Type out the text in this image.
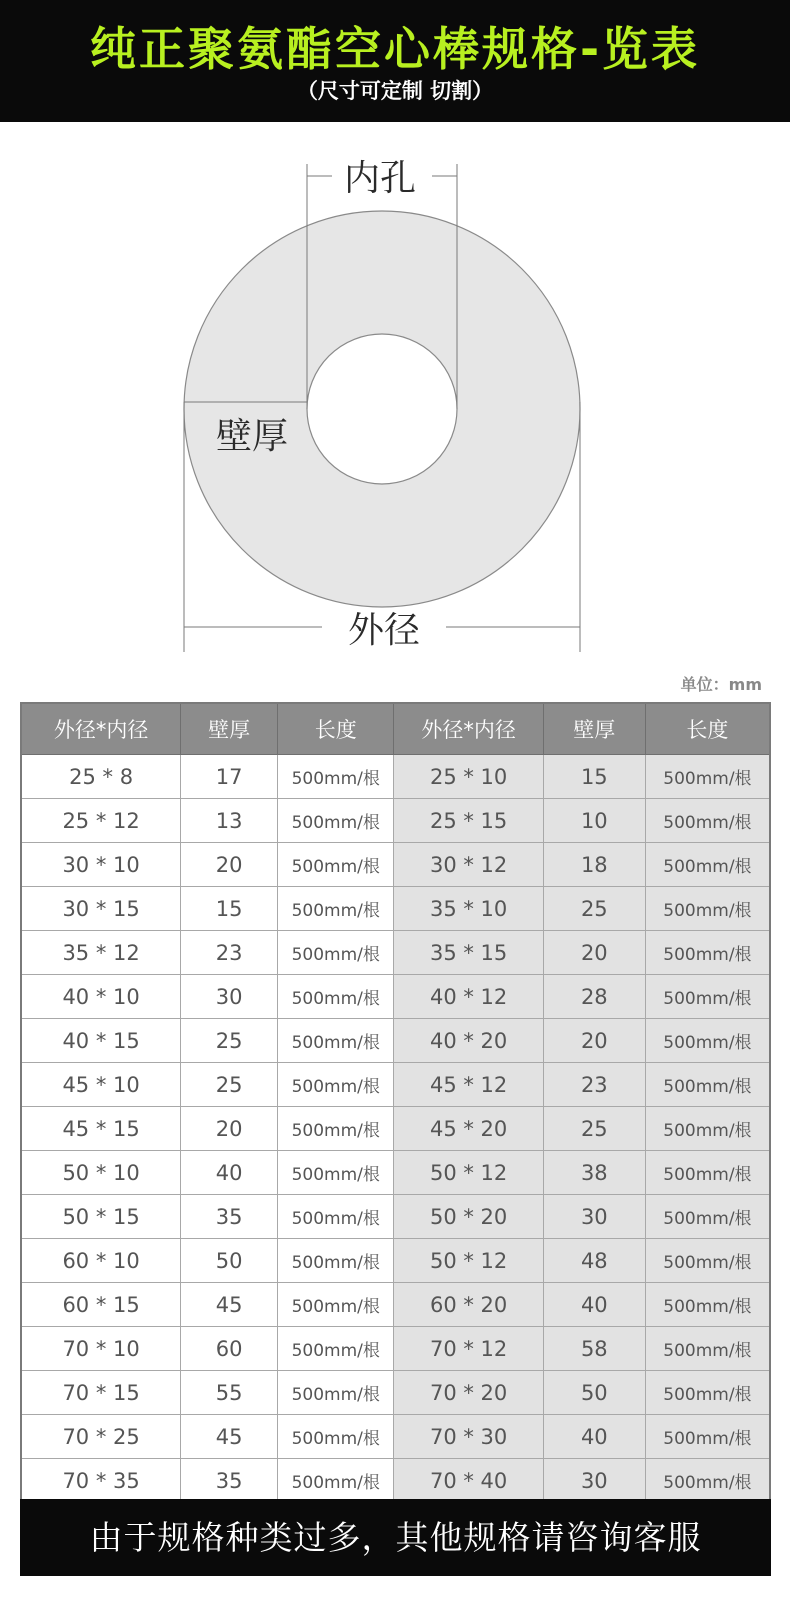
纯正聚氨酯空心棒规格-览表
（尺寸可定制 切割）
内孔
壁厚
外径
单位：mm
外径*内径	壁厚	长度	外径*内径	壁厚	长度
25 * 8	17	500mm/根	25 * 10	15	500mm/根
25 * 12	13	500mm/根	25 * 15	10	500mm/根
30 * 10	20	500mm/根	30 * 12	18	500mm/根
30 * 15	15	500mm/根	35 * 10	25	500mm/根
35 * 12	23	500mm/根	35 * 15	20	500mm/根
40 * 10	30	500mm/根	40 * 12	28	500mm/根
40 * 15	25	500mm/根	40 * 20	20	500mm/根
45 * 10	25	500mm/根	45 * 12	23	500mm/根
45 * 15	20	500mm/根	45 * 20	25	500mm/根
50 * 10	40	500mm/根	50 * 12	38	500mm/根
50 * 15	35	500mm/根	50 * 20	30	500mm/根
60 * 10	50	500mm/根	50 * 12	48	500mm/根
60 * 15	45	500mm/根	60 * 20	40	500mm/根
70 * 10	60	500mm/根	70 * 12	58	500mm/根
70 * 15	55	500mm/根	70 * 20	50	500mm/根
70 * 25	45	500mm/根	70 * 30	40	500mm/根
70 * 35	35	500mm/根	70 * 40	30	500mm/根
由于规格种类过多，其他规格请咨询客服
